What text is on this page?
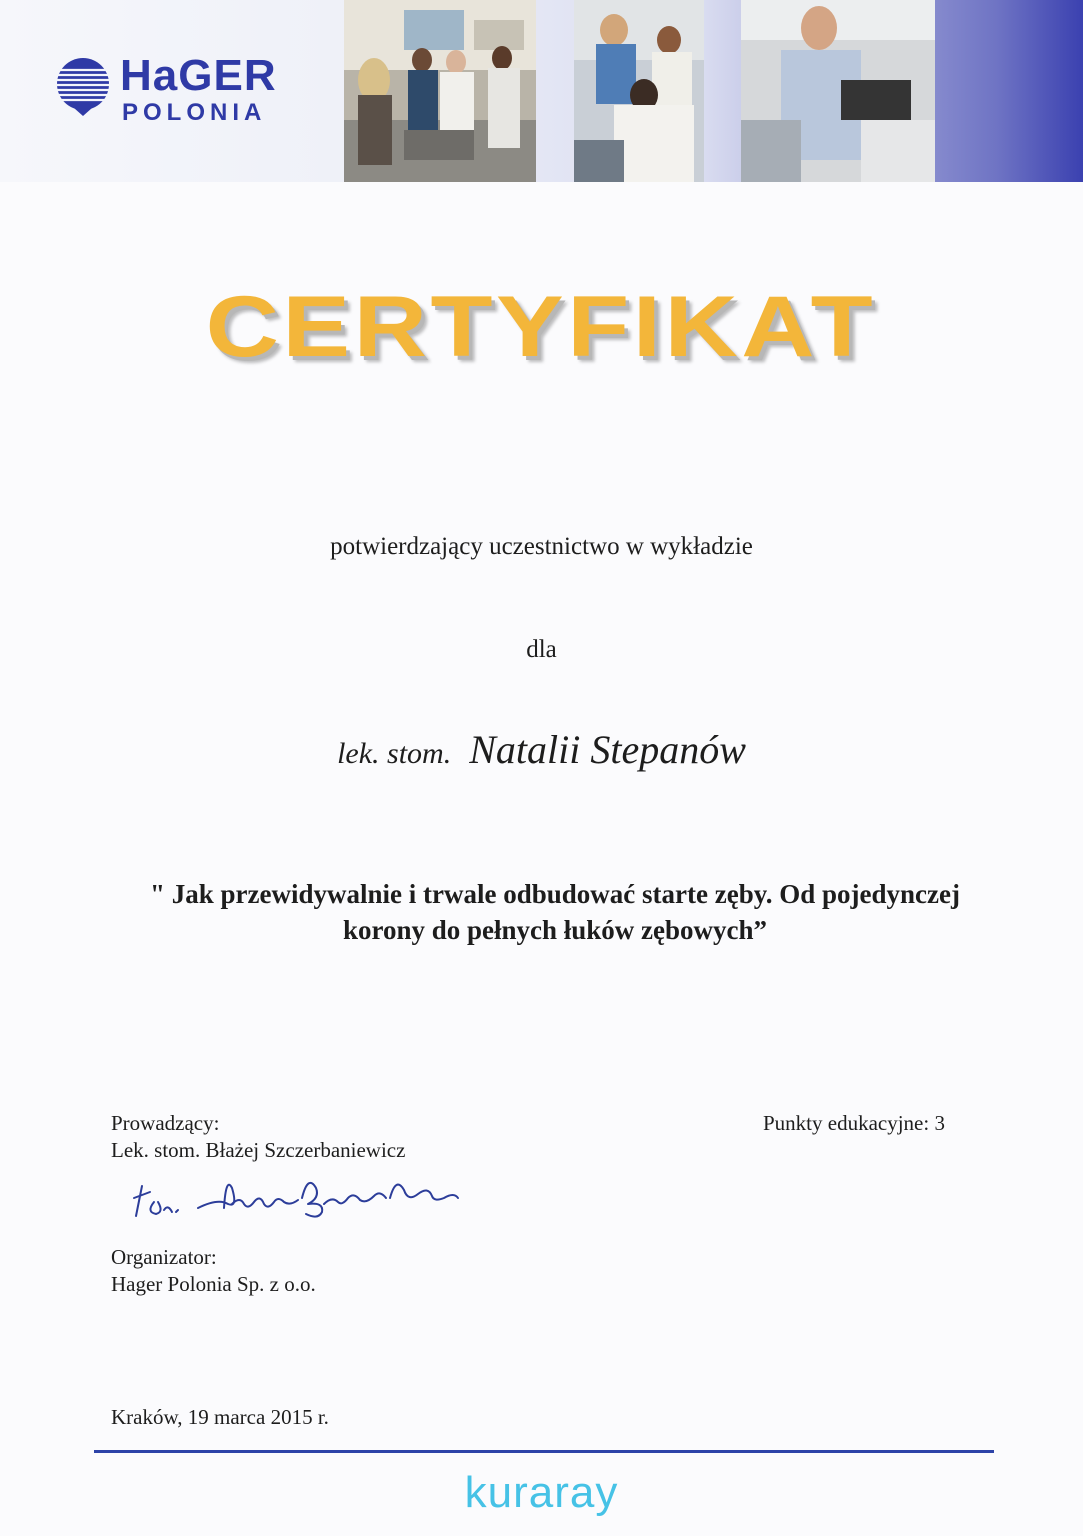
HaGER
POLONIA
CERTYFIKAT
potwierdzający uczestnictwo w wykładzie
dla
lek. stom. Natalii Stepanów
" Jak przewidywalnie i trwale odbudować starte zęby. Od pojedynczej
korony do pełnych łuków zębowych”
Prowadzący:
Lek. stom. Błażej Szczerbaniewicz
Punkty edukacyjne: 3
Organizator:
Hager Polonia Sp. z o.o.
Kraków, 19 marca 2015 r.
kuraray
